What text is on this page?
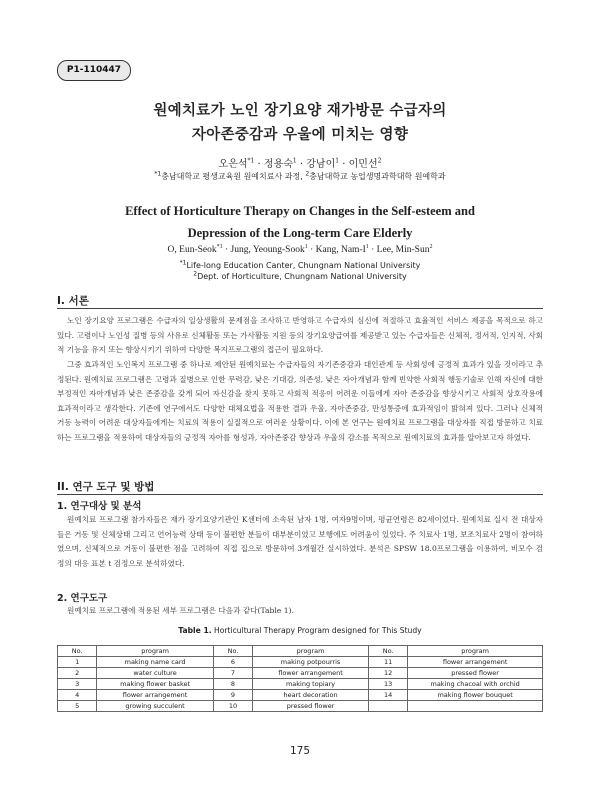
P1-110447
원예치료가 노인 장기요양 재가방문 수급자의
자아존중감과 우울에 미치는 영향
오은석$^{*1}$ · 정용숙$^1$ · 강남이$^1$ · 이민선$^2$
$^{*1}$충남대학교 평생교육원 원예치료사 과정, $^2$충남대학교 농업생명과학대학 원예학과
Effect of Horticulture Therapy on Changes in the Self-esteem and
Depression of the Long-term Care Elderly
O, Eun-Seok$^{*1}$ · Jung, Yeoung-Sook$^1$ · Kang, Nam-$I^1$ · Lee, Min-Sun$^2$
$^{*1}$Life-long Education Canter, Chungnam National University
$^2$Dept. of Horticulture, Chungnam National University
I. 서론
노인 장기요양 프로그램은 수급자의 일상생활의 문제점을 조사하고 반영하고 수급자의 심신에 적절하고 효율적인 서비스 제공을 목적으로 하고 있다. 고령이나 노인성 질병 등의 사유로 신체활동 또는 가사활동 지원 등의 장기요양급여를 제공받고 있는 수급자들은 신체적, 정서적, 인지적, 사회적 기능을 유지 또는 향상시키기 위하여 다양한 복지프로그램의 접근이 필요하다.
그중 효과적인 노인복지 프로그램 중 하나로 제안된 원예치료는 수급자들의 자기존중감과 대인관계 등 사회성에 긍정적 효과가 있을 것이라고 추정된다. 원예치료 프로그램은 고령과 질병으로 인한 무력감, 낮은 기대감, 의존성, 낮은 자아개념과 함께 빈약한 사회적 행동기술로 인해 자신에 대한 부정적인 자아개념과 낮은 존중감을 갖게 되어 자신감을 찾지 못하고 사회적 적응이 어려운 이들에게 자아 존중감을 향상시키고 사회적 상호작용에 효과적이라고 생각한다. 기존에 연구에서도 다양한 대체요법을 적용한 결과 우울, 자아존중감, 만성통증에 효과적임이 밝혀져 있다. 그러나 신체적 거동 능력이 어려운 대상자들에게는 치료의 적용이 실질적으로 여러운 상황이다. 이에 본 연구는 원예치료 프로그램을 대상자를 직접 방문하고 치료하는 프로그램을 적용하여 대상자들의 긍정적 자아를 형성과, 자아존중감 향상과 우울의 감소를 목적으로 원예치료의 효과를 알아보고자 하였다.
II. 연구 도구 및 방법
1. 연구대상 및 분석
원예치료 프로그램 참가자들은 재가 장기요양기관인 K센터에 소속된 남자 1명, 여자9명이며, 평균연령은 82세이었다. 원예치료 실시 전 대상자들은 거동 및 신체상태 그리고 언어능력 상태 등이 불편한 분들이 대부분이었고 보행에도 어려움이 있었다. 주 치료사 1명, 보조치료사 2명이 참여하였으며, 신체적으로 거동이 불편한 점을 고려하여 직접 집으로 방문하여 3개월간 실시하였다. 분석은 SPSW 18.0프로그램을 이용하여, 비모수 검정의 대응 표본 t 검정으로 분석하였다.
2. 연구도구
원예치료 프로그램에 적용된 세부 프로그램은 다음과 같다(Table 1).
Table 1. Horticultural Therapy Program designed for This Study
No.	program	No.	program	No.	program
1	making name card	6	making potpourris	11	flower arrangement
2	water culture	7	flower arrangement	12	pressed flower
3	making flower basket	8	making topiary	13	making chacoal with orchid
4	flower arrangement	9	heart decoration	14	making flower bouquet
5	growing succulent	10	pressed flower		
175
